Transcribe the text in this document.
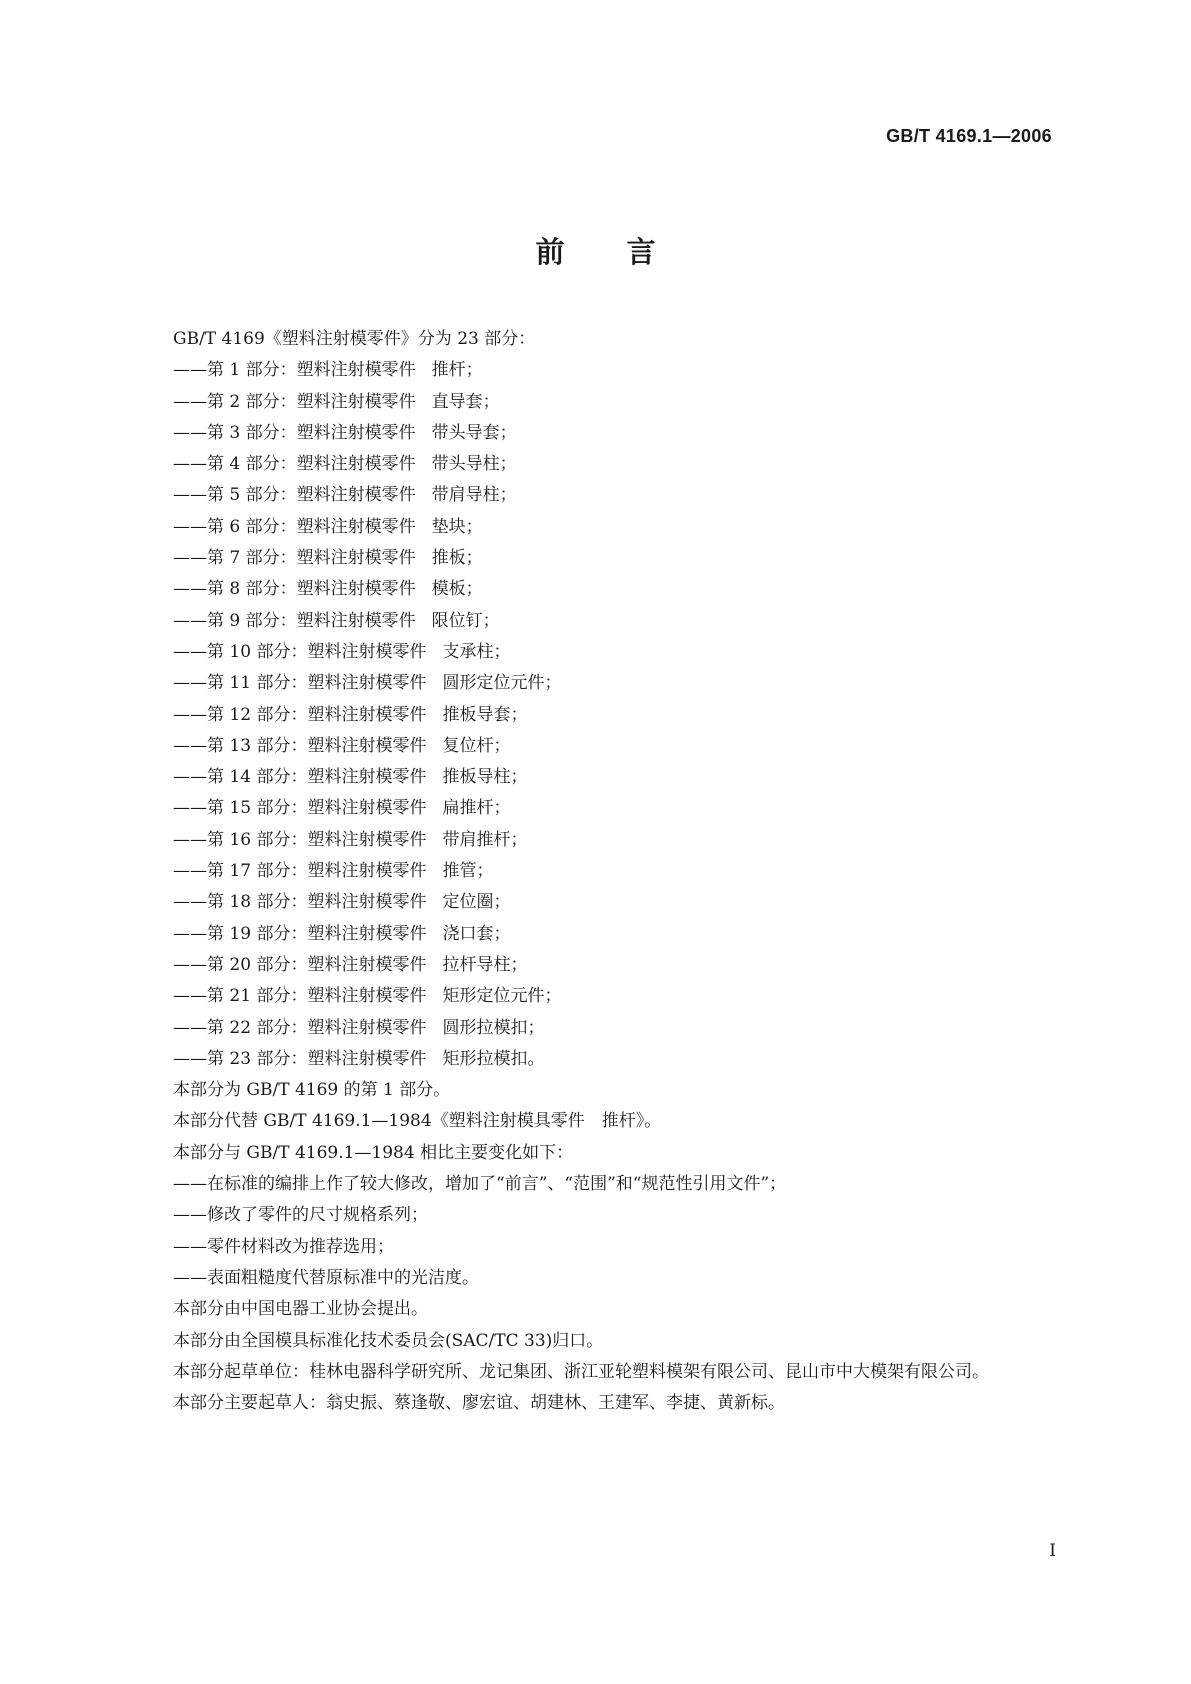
GB/T 4169.1—2006
前言

GB/T 4169《塑料注射模零件》分为 23 部分：

——第 1 部分：塑料注射模零件 推杆；

——第 2 部分：塑料注射模零件 直导套；

——第 3 部分：塑料注射模零件 带头导套；

——第 4 部分：塑料注射模零件 带头导柱；

——第 5 部分：塑料注射模零件 带肩导柱；

——第 6 部分：塑料注射模零件 垫块；

——第 7 部分：塑料注射模零件 推板；

——第 8 部分：塑料注射模零件 模板；

——第 9 部分：塑料注射模零件 限位钉；

——第 10 部分：塑料注射模零件 支承柱；

——第 11 部分：塑料注射模零件 圆形定位元件；

——第 12 部分：塑料注射模零件 推板导套；

——第 13 部分：塑料注射模零件 复位杆；

——第 14 部分：塑料注射模零件 推板导柱；

——第 15 部分：塑料注射模零件 扁推杆；

——第 16 部分：塑料注射模零件 带肩推杆；

——第 17 部分：塑料注射模零件 推管；

——第 18 部分：塑料注射模零件 定位圈；

——第 19 部分：塑料注射模零件 浇口套；

——第 20 部分：塑料注射模零件 拉杆导柱；

——第 21 部分：塑料注射模零件 矩形定位元件；

——第 22 部分：塑料注射模零件 圆形拉模扣；

——第 23 部分：塑料注射模零件 矩形拉模扣。

本部分为 GB/T 4169 的第 1 部分。

本部分代替 GB/T 4169.1—1984《塑料注射模具零件　推杆》。

本部分与 GB/T 4169.1—1984 相比主要变化如下：

——在标准的编排上作了较大修改，增加了“前言”、“范围”和“规范性引用文件”；

——修改了零件的尺寸规格系列；

——零件材料改为推荐选用；

——表面粗糙度代替原标准中的光洁度。

本部分由中国电器工业协会提出。

本部分由全国模具标准化技术委员会(SAC/TC 33)归口。

本部分起草单位：桂林电器科学研究所、龙记集团、浙江亚轮塑料模架有限公司、昆山市中大模架有限公司。

本部分主要起草人：翁史振、蔡逢敬、廖宏谊、胡建林、王建军、李捷、黄新标。

I
